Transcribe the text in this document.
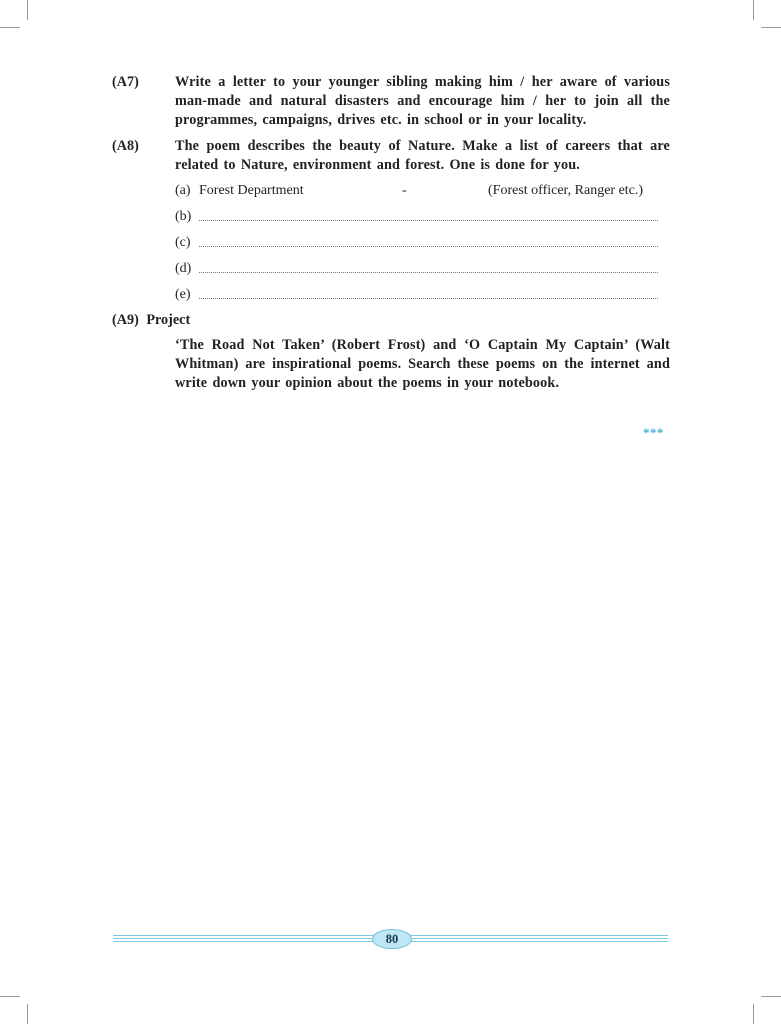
(A7)	Write a letter to your younger sibling making him / her aware of various man-made and natural disasters and encourage him / her to join all the programmes, campaigns, drives etc. in school or in your locality.
(A8)	The poem describes the beauty of Nature. Make a list of careers that are related to Nature, environment and forest. One is done for you.
(a) Forest Department	-	(Forest officer, Ranger etc.)
(b)
(c)
(d)
(e)
(A9) Project
‘The Road Not Taken’ (Robert Frost) and ‘O Captain My Captain’ (Walt Whitman) are inspirational poems. Search these poems on the internet and write down your opinion about the poems in your notebook.
***
80
